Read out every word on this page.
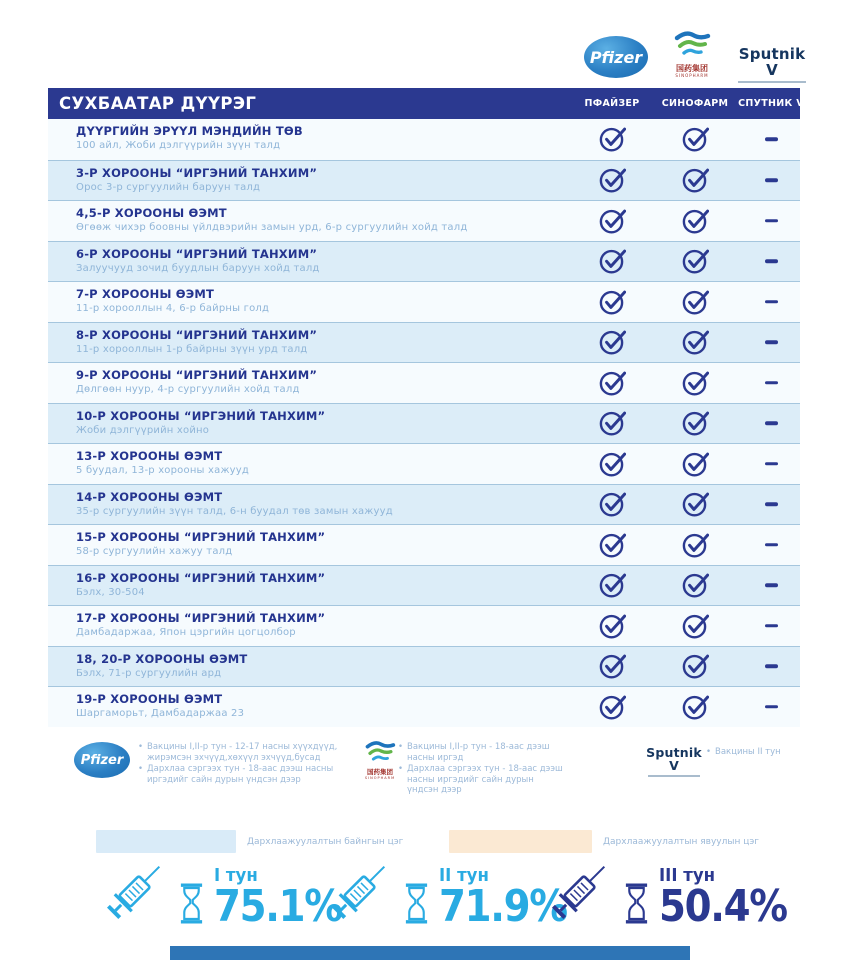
Pfizer
国药集团
SINOPHARM
Sputnik V
СУХБААТАР ДҮҮРЭГ	ПФАЙЗЕР	СИНОФАРМ	СПУТНИК V
ДҮҮРГИЙН ЭРҮҮЛ МЭНДИЙН ТӨВ
100 айл, Жоби дэлгүүрийн зүүн талд
3-Р ХОРООНЫ “ИРГЭНИЙ ТАНХИМ”
Орос 3-р сургуулийн баруун талд
4,5-Р ХОРООНЫ ӨЭМТ
Өгөөж чихэр боовны үйлдвэрийн замын урд, 6-р сургуулийн хойд талд
6-Р ХОРООНЫ “ИРГЭНИЙ ТАНХИМ”
Залуучууд зочид буудлын баруун хойд талд
7-Р ХОРООНЫ ӨЭМТ
11-р хорооллын 4, 6-р байрны голд
8-Р ХОРООНЫ “ИРГЭНИЙ ТАНХИМ”
11-р хорооллын 1-р байрны зүүн урд талд
9-Р ХОРООНЫ “ИРГЭНИЙ ТАНХИМ”
Дөлгөөн нуур, 4-р сургуулийн хойд талд
10-Р ХОРООНЫ “ИРГЭНИЙ ТАНХИМ”
Жоби дэлгүүрийн хойно
13-Р ХОРООНЫ ӨЭМТ
5 буудал, 13-р хорооны хажууд
14-Р ХОРООНЫ ӨЭМТ
35-р сургуулийн зүүн талд, 6-н буудал төв замын хажууд
15-Р ХОРООНЫ “ИРГЭНИЙ ТАНХИМ”
58-р сургуулийн хажуу талд
16-Р ХОРООНЫ “ИРГЭНИЙ ТАНХИМ”
Бэлх, 30-504
17-Р ХОРООНЫ “ИРГЭНИЙ ТАНХИМ”
Дамбадаржаа, Япон цэргийн цогцолбор
18, 20-Р ХОРООНЫ ӨЭМТ
Бэлх, 71-р сургуулийн ард
19-Р ХОРООНЫ ӨЭМТ
Шаргаморьт, Дамбадаржаа 23
Pfizer
• Вакцины I,II-р тун - 12-17 насны хүүхдүүд, жирэмсэн эхчүүд,хөхүүл эхчүүд,бусад
• Дархлаа сэргээх тун - 18-аас дээш насны иргэдийг сайн дурын үндсэн дээр
国药集团
SINOPHARM
• Вакцины I,II-р тун - 18-аас дээш насны иргэд
• Дархлаа сэргээх тун - 18-аас дээш насны иргэдийг сайн дурын үндсэн дээр
Sputnik V
• Вакцины II тун
Дархлаажуулалтын байнгын цэг	Дархлаажуулалтын явуулын цэг
I тун
75.1%
II тун
71.9%
III тун
50.4%
